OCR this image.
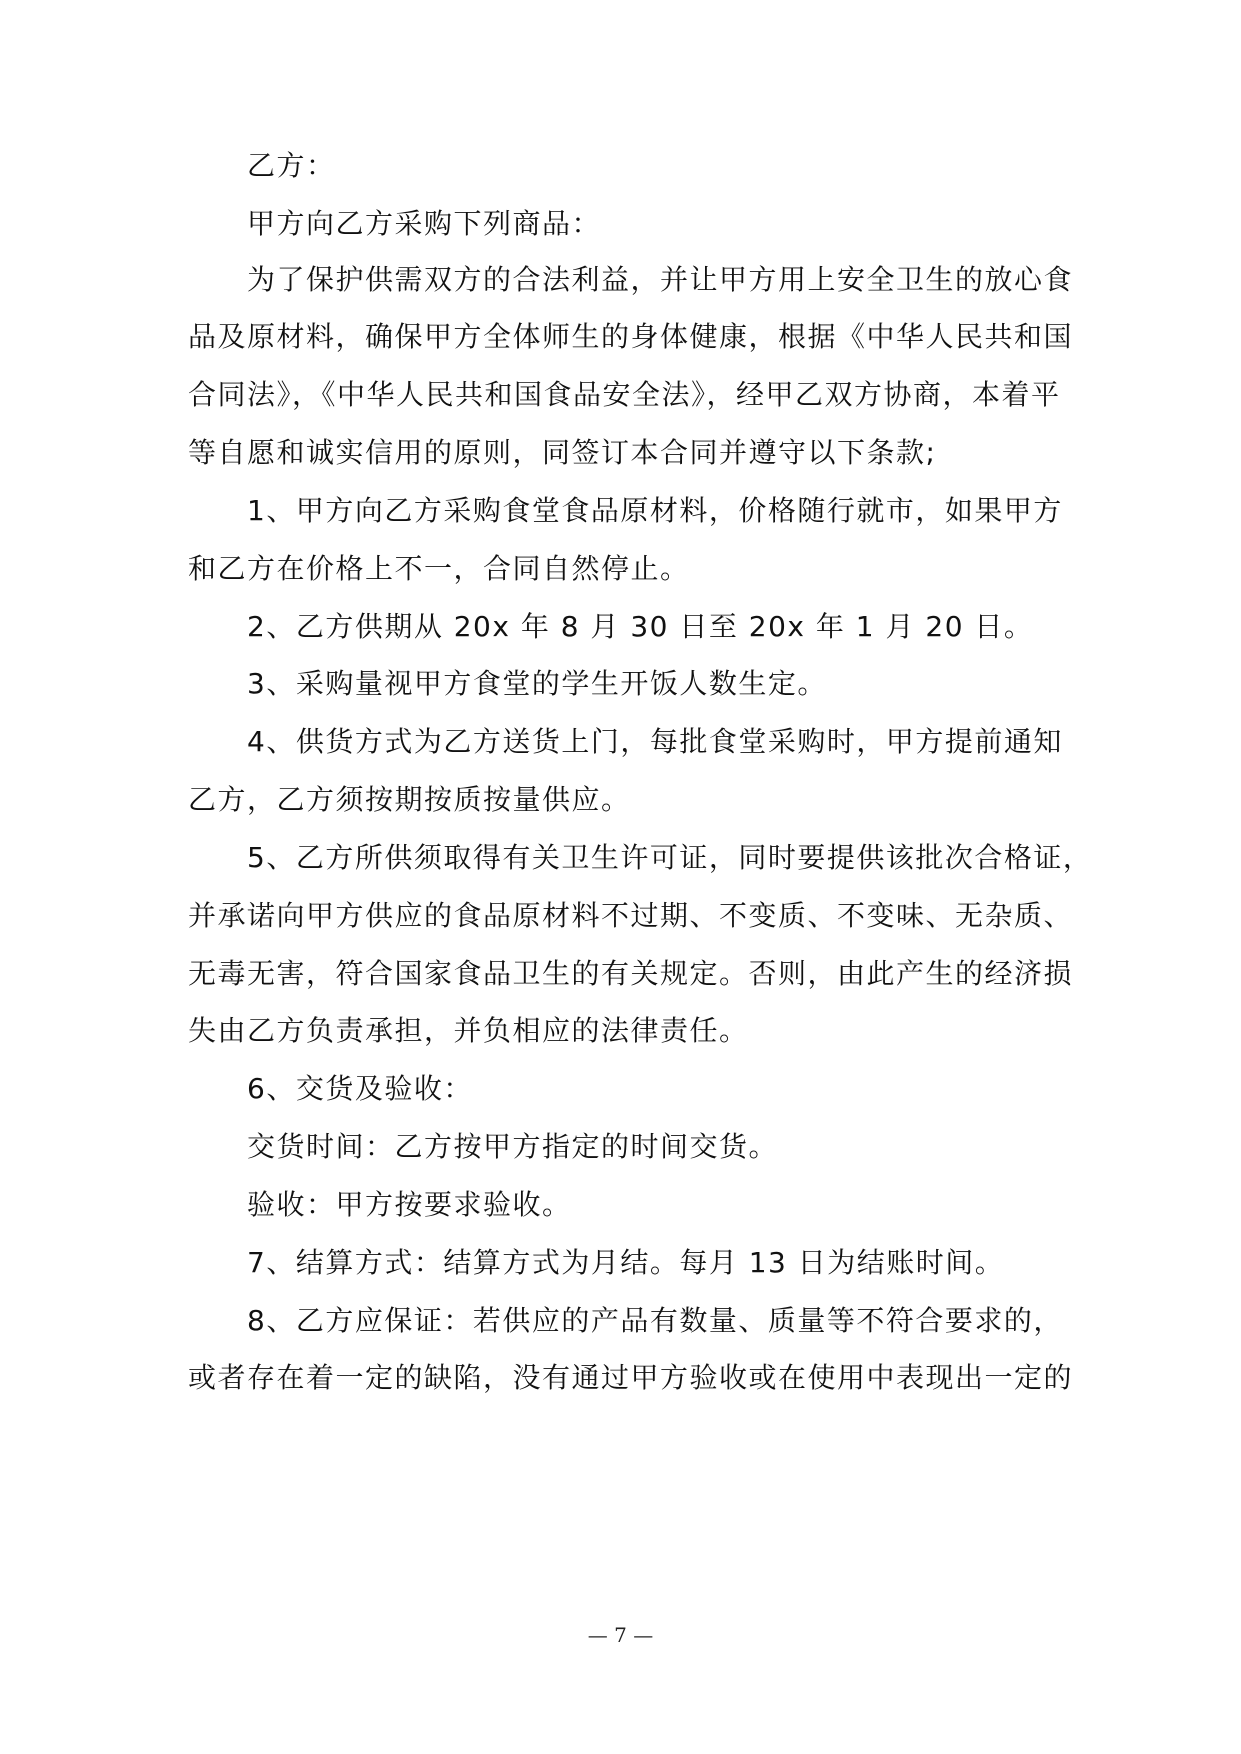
乙方：
甲方向乙方采购下列商品：
为了保护供需双方的合法利益，并让甲方用上安全卫生的放心食
品及原材料，确保甲方全体师生的身体健康，根据《中华人民共和国
合同法》，《中华人民共和国食品安全法》，经甲乙双方协商，本着平
等自愿和诚实信用的原则，同签订本合同并遵守以下条款;
1、甲方向乙方采购食堂食品原材料，价格随行就市，如果甲方
和乙方在价格上不一，合同自然停止。
2、乙方供期从 20x 年 8 月 30 日至 20x 年 1 月 20 日。
3、采购量视甲方食堂的学生开饭人数生定。
4、供货方式为乙方送货上门，每批食堂采购时，甲方提前通知
乙方，乙方须按期按质按量供应。
5、乙方所供须取得有关卫生许可证，同时要提供该批次合格证，
并承诺向甲方供应的食品原材料不过期、不变质、不变味、无杂质、
无毒无害，符合国家食品卫生的有关规定。否则，由此产生的经济损
失由乙方负责承担，并负相应的法律责任。
6、交货及验收：
交货时间：乙方按甲方指定的时间交货。
验收：甲方按要求验收。
7、结算方式：结算方式为月结。每月 13 日为结账时间。
8、乙方应保证：若供应的产品有数量、质量等不符合要求的，
或者存在着一定的缺陷，没有通过甲方验收或在使用中表现出一定的
— 7 —
